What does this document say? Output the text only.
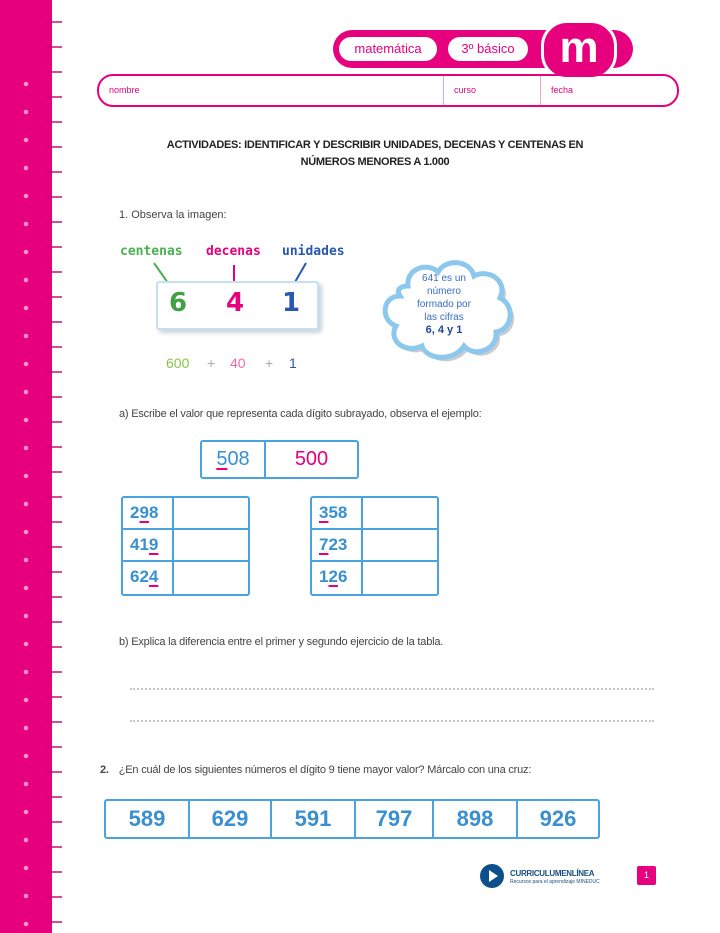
matemática	3º básico	m
nombre	curso	fecha
ACTIVIDADES: IDENTIFICAR Y DESCRIBIR UNIDADES, DECENAS Y CENTENAS EN
NÚMEROS MENORES A 1.000
1. Observa la imagen:
centenas decenas unidades
6 4 1
600 + 40 + 1
641 es un
número
formado por
las cifras
6, 4 y 1
a) Escribe el valor que representa cada dígito subrayado, observa el ejemplo:
508	500
298
419
624
358
723
126
b) Explica la diferencia entre el primer y segundo ejercicio de la tabla.
2. ¿En cuál de los siguientes números el dígito 9 tiene mayor valor? Márcalo con una cruz:
589	629	591	797	898	926
CURRICULUMENLÍNEA
Recursos para el aprendizaje MINEDUC
1
